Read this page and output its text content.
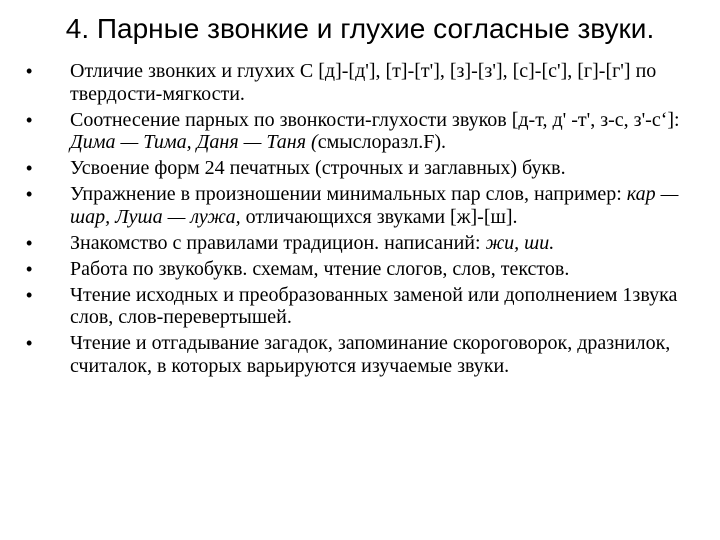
4. Парные звонкие и глухие согласные звуки.
• Отличие звонких и глухих С [д]-[д'], [т]-[т'], [з]-[з'], [с]-[с'], [г]-[г'] по твердости-мягкости.
• Соотнесение парных по звонкости-глухости звуков [д-т, д' -т', з-с, з'-с‘]: Дима — Тима, Даня — Таня (смыслоразл.F).
• Усвоение форм 24 печатных (строчных и заглавных) букв.
• Упражнение в произношении минимальных пар слов, например: кар — шар, Луша — лужа, отличающихся звуками [ж]-[ш].
• Знакомство с правилами традицион. написаний: жи, ши.
• Работа по звукобукв. схемам, чтение слогов, слов, текстов.
• Чтение исходных и преобразованных заменой или дополнением 1звука слов, слов-перевертышей.
• Чтение и отгадывание загадок, запоминание скороговорок, дразнилок, считалок, в которых варьируются изучаемые звуки.
